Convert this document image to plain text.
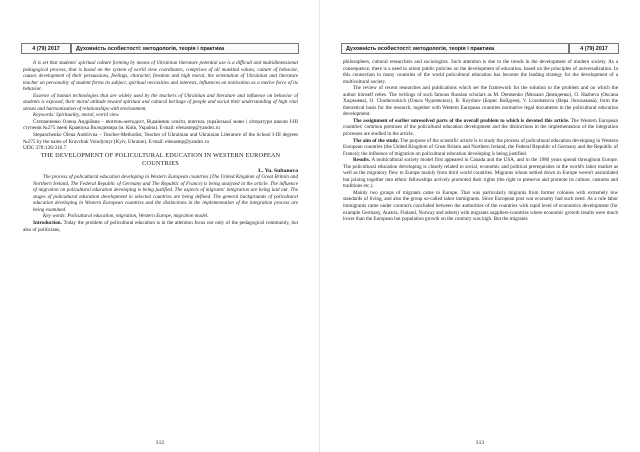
4 (79) 2017	Духовність особистості: методологія, теорія і практика

It is set that students' spiritual culture forming by means of Ukrainian literature potential use is a difficult and multidimensional pedagogical process, that is based on the system of world view coordinates, comprises of all mankind values, culture of behavior, causes development of their persuasions, feelings, character, freedom and high moral, the orientation of Ukrainian and literature teacher on personality of student forms its subject, spiritual necessities and interests, influences on motivation as a motive force of its behavior.

Essence of human technologies that are widely used by the teachers of Ukrainian and literature and influence on behavior of students is exposed, their moral attitude toward spiritual and cultural heritage of people and social their understanding of high vital senses and harmonization of relationships with environment.

Keywords: Spirituality, moral, world view.

Степанченко Олена Андріївна – вчитель-методист, Відмінник освіти, вчитель української мови і літератури школи І-ІІІ ступенів №275 імені Кравчука Володимира (м. Київ, Україна). E-mail: elenastep@yandex.ru

Stepanchenko Olena Andriivna – Teacher-Methodist, Teacher of Ukrainian and Ukrainian Literature of the School I-III degrees №275 by the name of Kravchuk Volodymyr (Kyiv, Ukraine). E-mail: elenastep@yandex.ru

UDC 378:126:316.7

THE DEVELOPMENT OF POLICULTURAL EDUCATION IN WESTERN EUROPEAN COUNTRIES

L. Yu. Sultanova

The process of policultural education developing in Western European countries (The United Kingdom of Great Britain and Northern Ireland, The Federal Republic of Germany and The Republic of France) is being analyzed in the article. The influence of migration on policultural education developing is being justified. The aspects of migrants' integration are being laid out. The stages of policultural education development in selected countries are being defined. The general backgrounds of policultural education developing in Western European countries and the distinctions in the implementation of the integration process are being examined.

Key words: Policultural education, migration, Western Europe, migration model.

Introduction. Today the problem of policultural education is in the attention focus not only of the pedagogical community, but also of politicians,

312
Духовність особистості: методологія, теорія і практика	4 (79) 2017

philosophers, cultural researchers and sociologists. Such attention is due to the trends in the development of modern society. As a consequence, there is a need to orient public policies on the development of education, based on the principles of universalization. In this connection in many countries of the world policultural education has become the leading strategy for the development of a multicultural society.

The review of recent researches and publications which set the framework for the solution to the problem and on which the author himself relies. The writings of such famous Russian scholars as M. Demsenko (Михаил Демиденко), O. Hazheva (Оксана Хаджиева), O. Chudnovskich (Ольга Чудновских), B. Koyduev (Борис Койдуев), V. Lozohakova (Вера Лозохакова), form the theoretical basis for the research, together with Western European countries normative legal documents in the policultural education development.

The assignment of earlier unresolved parts of the overall problem to which is devoted this article. The Western European countries' common premises of the policultural education development and the distinctions in the implementation of the integration processes are studied in the article.

The aim of the study. The purpose of the scientific article is to study the process of policultural education developing in Western European countries (the United Kingdom of Great Britain and Northern Ireland, the Federal Republic of Germany and the Republic of France); the influence of migration on policultural education developing is being justified.

Results. A multicultural society model first appeared in Canada and the USA, and in the 1980 years spread throughout Europe. The policultural education developing is closely related to social, economic and political prerequisites in the world's labor market as well as the migratory flow to Europe mainly from third world countries. Migrants whom settled down in Europe weren't assimilated but joining together into ethnic fellowships actively promoted their rights (the right to preserve and promote its culture, customs and traditions etc.).

Mainly two groups of migrants came to Europe. That was particularly migrants from former colonies with extremely low standards of living, and also the group so-called labor immigrants. Since European post war economy had such need. As a rule labor immigrants came under contracts concluded between the authorities of the countries with rapid level of economics development (for example Germany, Austria, Finland, Norway and others) with migrants suppliers-countries where economic growth results were much lower than the European but population growth on the contrary was high. But the migrants

313
